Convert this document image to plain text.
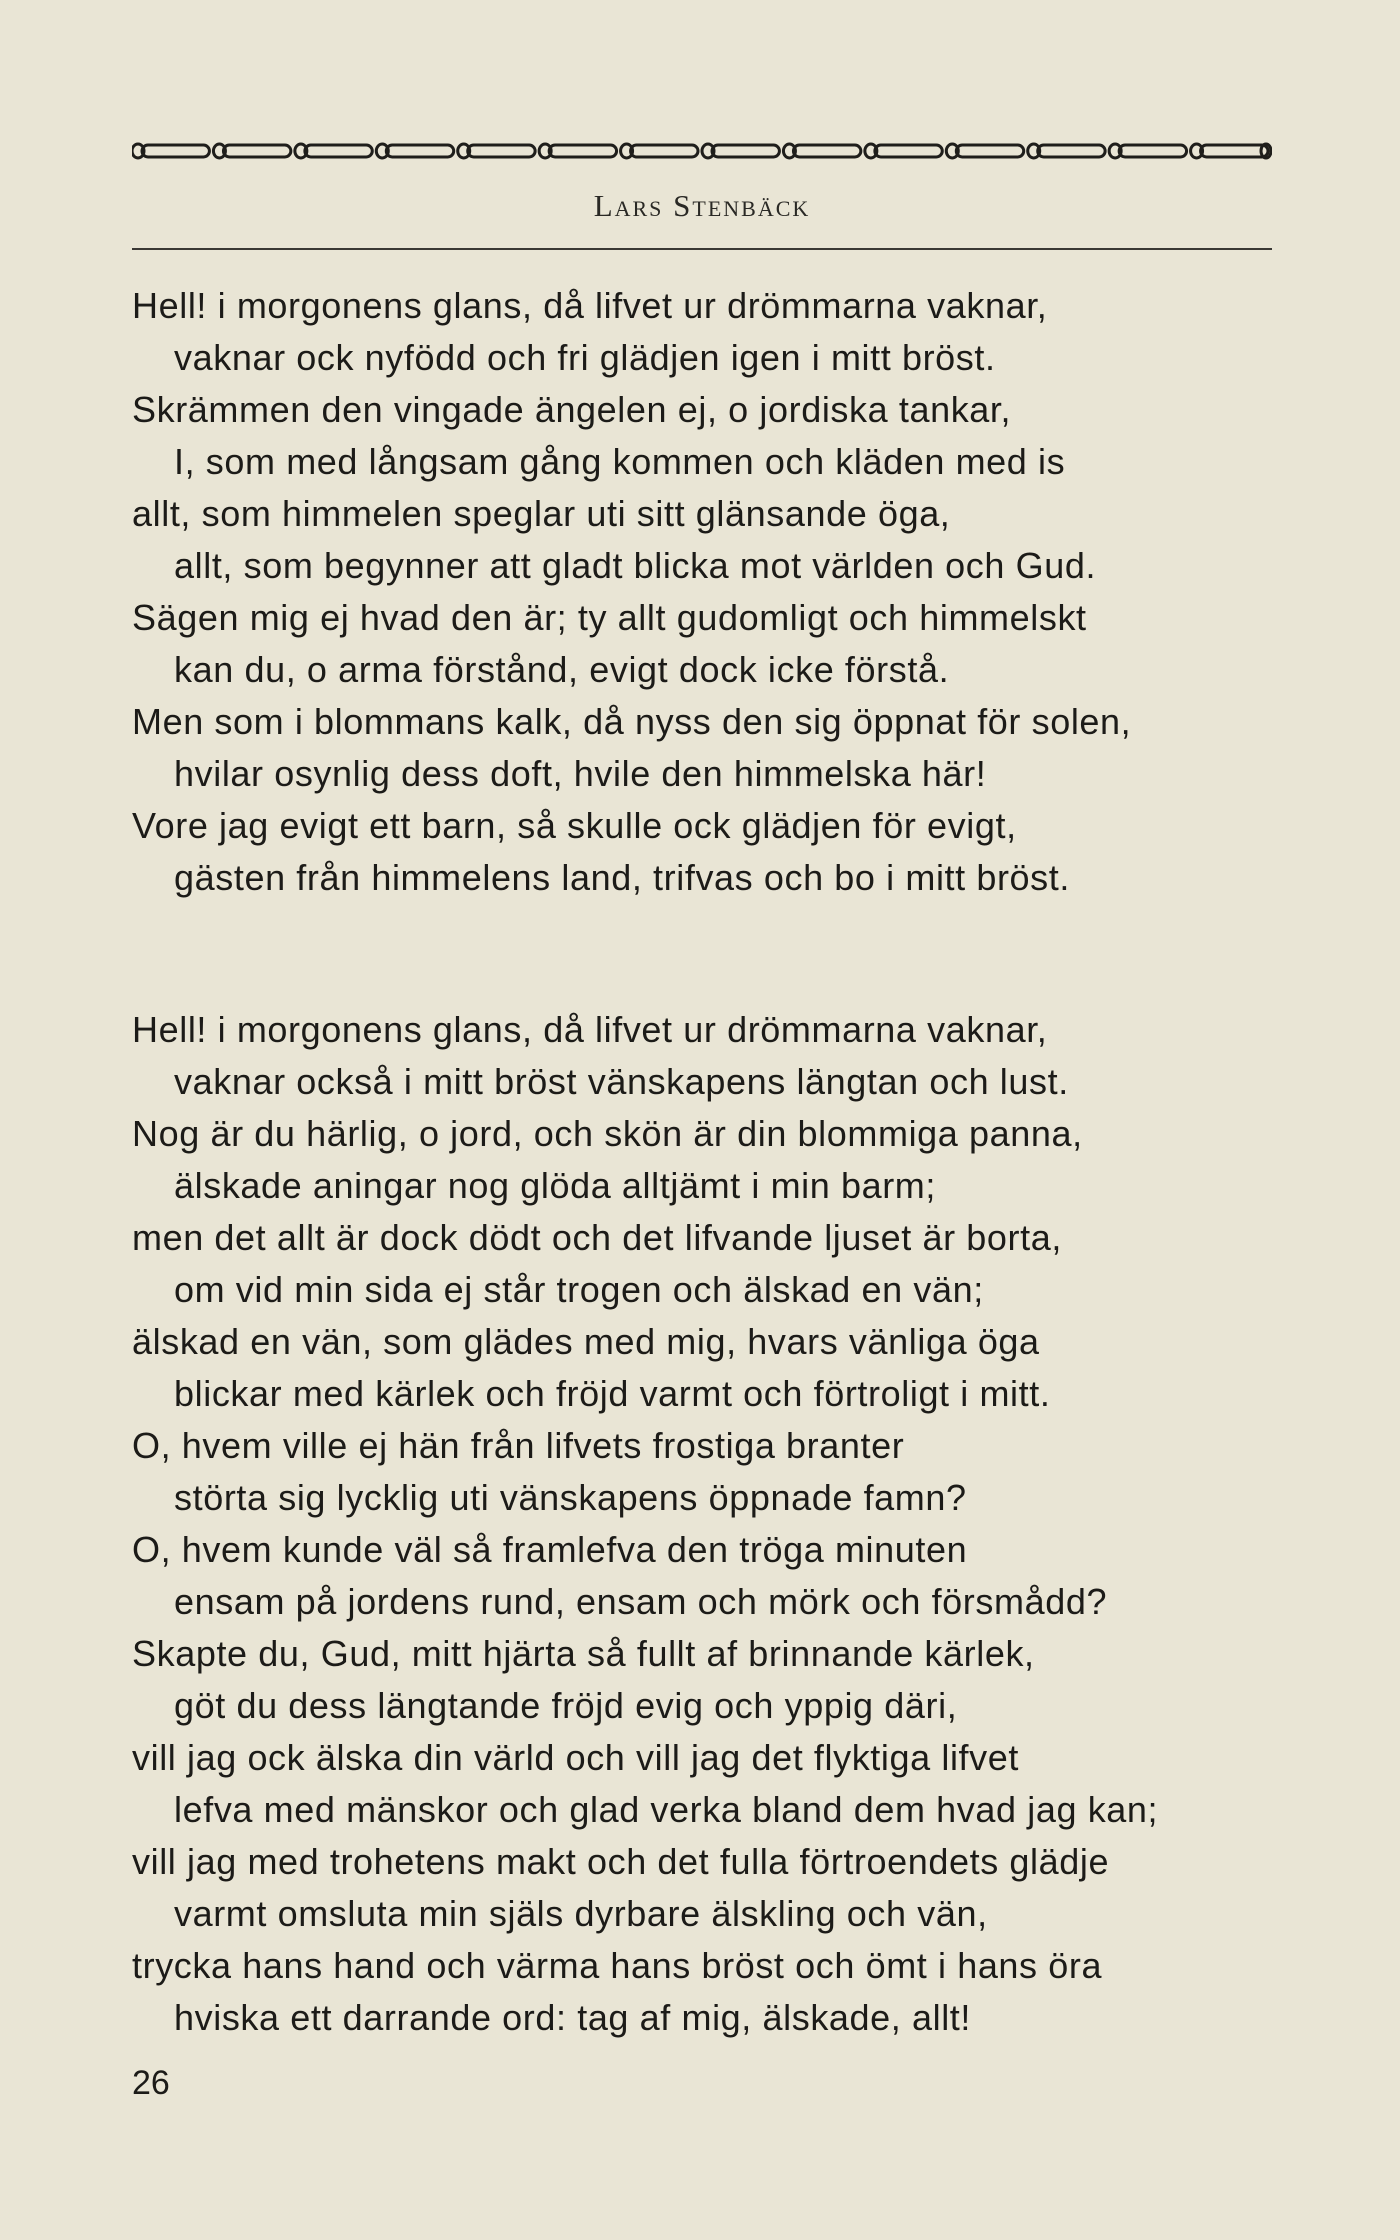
Lars Stenbäck
Hell! i morgonens glans, då lifvet ur drömmarna vaknar,
vaknar ock nyfödd och fri glädjen igen i mitt bröst.
Skrämmen den vingade ängelen ej, o jordiska tankar,
I, som med långsam gång kommen och kläden med is
allt, som himmelen speglar uti sitt glänsande öga,
allt, som begynner att gladt blicka mot världen och Gud.
Sägen mig ej hvad den är; ty allt gudomligt och himmelskt
kan du, o arma förstånd, evigt dock icke förstå.
Men som i blommans kalk, då nyss den sig öppnat för solen,
hvilar osynlig dess doft, hvile den himmelska här!
Vore jag evigt ett barn, så skulle ock glädjen för evigt,
gästen från himmelens land, trifvas och bo i mitt bröst.
Hell! i morgonens glans, då lifvet ur drömmarna vaknar,
vaknar också i mitt bröst vänskapens längtan och lust.
Nog är du härlig, o jord, och skön är din blommiga panna,
älskade aningar nog glöda alltjämt i min barm;
men det allt är dock dödt och det lifvande ljuset är borta,
om vid min sida ej står trogen och älskad en vän;
älskad en vän, som glädes med mig, hvars vänliga öga
blickar med kärlek och fröjd varmt och förtroligt i mitt.
O, hvem ville ej hän från lifvets frostiga branter
störta sig lycklig uti vänskapens öppnade famn?
O, hvem kunde väl så framlefva den tröga minuten
ensam på jordens rund, ensam och mörk och försmådd?
Skapte du, Gud, mitt hjärta så fullt af brinnande kärlek,
göt du dess längtande fröjd evig och yppig däri,
vill jag ock älska din värld och vill jag det flyktiga lifvet
lefva med mänskor och glad verka bland dem hvad jag kan;
vill jag med trohetens makt och det fulla förtroendets glädje
varmt omsluta min själs dyrbare älskling och vän,
trycka hans hand och värma hans bröst och ömt i hans öra
hviska ett darrande ord: tag af mig, älskade, allt!
26
